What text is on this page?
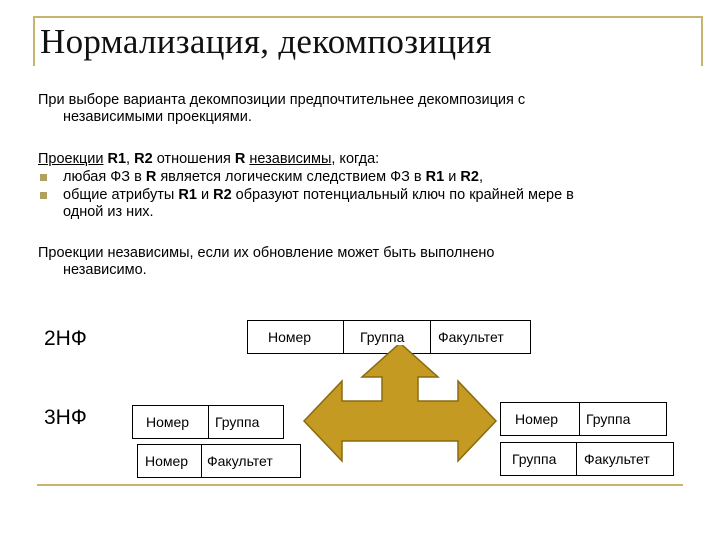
Нормализация, декомпозиция
При выборе варианта декомпозиции предпочтительнее декомпозиция с
независимыми проекциями.
Проекции R1, R2 отношения R независимы, когда:
любая ФЗ в R является логическим следствием ФЗ в R1 и R2,
общие атрибуты R1 и R2 образуют потенциальный ключ по крайней мере в
одной из них.
Проекции независимы, если их обновление может быть выполнено
независимо.
2НФ
3НФ
Номер	Группа Факультет
Номер Группа
Номер Факультет
Номер Группа
Группа Факультет
